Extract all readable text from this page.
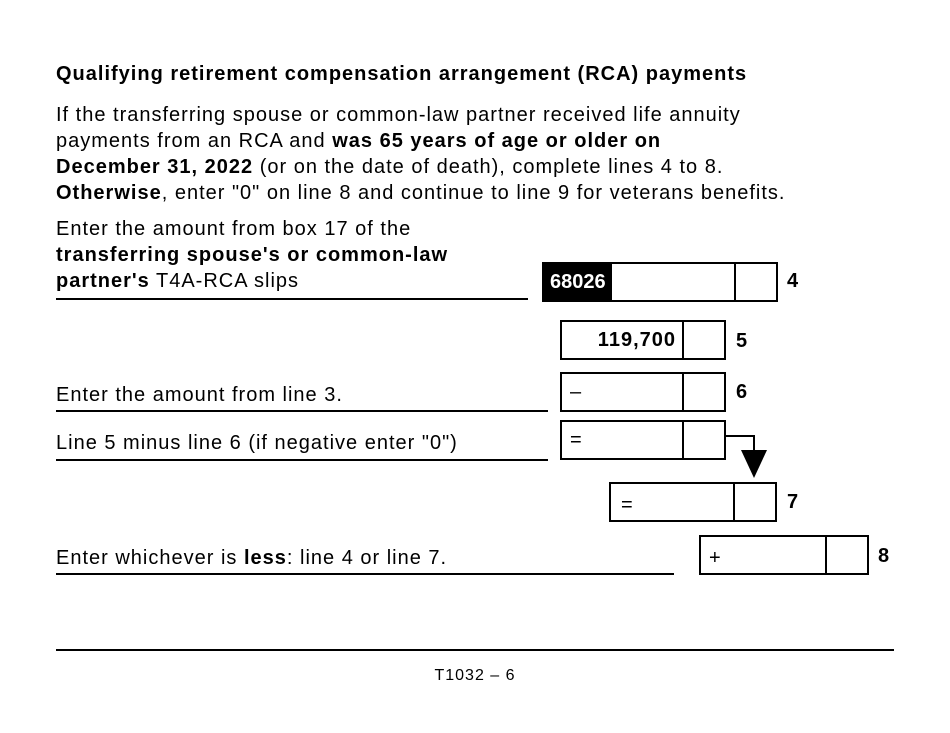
Qualifying retirement compensation arrangement (RCA) payments
If the transferring spouse or common-law partner received life annuity
payments from an RCA and was 65 years of age or older on
December 31, 2022 (or on the date of death), complete lines 4 to 8.
Otherwise, enter "0" on line 8 and continue to line 9 for veterans benefits.
Enter the amount from box 17 of the
transferring spouse's or common-law
partner's T4A-RCA slips	68026	4
119,700	5
Enter the amount from line 3.	–	6
Line 5 minus line 6 (if negative enter "0")	=
=	7
Enter whichever is less: line 4 or line 7.	+	8
T1032 – 6
